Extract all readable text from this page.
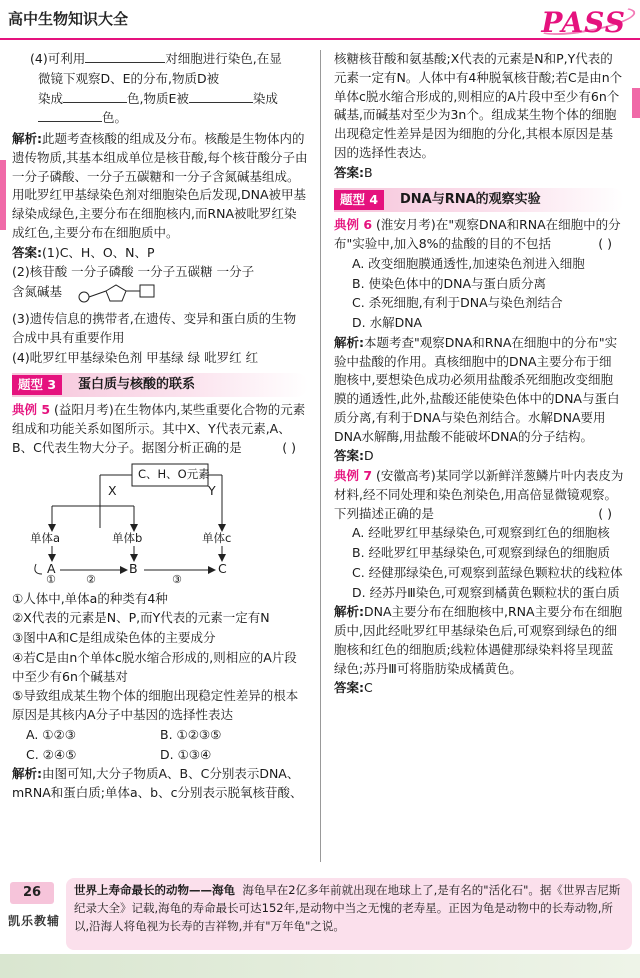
高中生物知识大全	PASS
(4)可利用	对细胞进行染色,在显
微镜下观察D、E的分布,物质D被
染成	色,物质E被	染成
色。
解析:此题考查核酸的组成及分布。核酸是生物体内的遗传物质,其基本组成单位是核苷酸,每个核苷酸分子由一分子磷酸、一分子五碳糖和一分子含氮碱基组成。用吡罗红甲基绿染色剂对细胞染色后发现,DNA被甲基绿染成绿色,主要分布在细胞核内,而RNA被吡罗红染成红色,主要分布在细胞质中。
答案:(1)C、H、O、N、P
(2)核苷酸 一分子磷酸 一分子五碳糖 一分子
含氮碱基
(3)遗传信息的携带者,在遗传、变异和蛋白质的生物合成中具有重要作用
(4)吡罗红甲基绿染色剂 甲基绿 绿 吡罗红 红
题型 3	蛋白质与核酸的联系
典例 5 (益阳月考)在生物体内,某些重要化合物的元素组成和功能关系如图所示。其中X、Y代表元素,A、B、C代表生物大分子。据图分析正确的是	( )
C、H、O元素
X	Y
单体a	单体b	单体c
A	B	C
①	②	③
①人体中,单体a的种类有4种
②X代表的元素是N、P,而Y代表的元素一定有N
③图中A和C是组成染色体的主要成分
④若C是由n个单体c脱水缩合形成的,则相应的A片段中至少有6n个碱基对
⑤导致组成某生物个体的细胞出现稳定性差异的根本原因是其核内A分子中基因的选择性表达
A. ①②③	B. ①②③⑤
C. ②④⑤	D. ①③④
解析:由图可知,大分子物质A、B、C分别表示DNA、mRNA和蛋白质;单体a、b、c分别表示脱氧核苷酸、
核糖核苷酸和氨基酸;X代表的元素是N和P,Y代表的元素一定有N。人体中有4种脱氧核苷酸;若C是由n个单体c脱水缩合形成的,则相应的A片段中至少有6n个碱基,而碱基对至少为3n个。组成某生物个体的细胞出现稳定性差异是因为细胞的分化,其根本原因是基因的选择性表达。
答案:B
题型 4	DNA与RNA的观察实验
典例 6 (淮安月考)在"观察DNA和RNA在细胞中的分布"实验中,加入8%的盐酸的目的不包括	( )
A. 改变细胞膜通透性,加速染色剂进入细胞
B. 使染色体中的DNA与蛋白质分离
C. 杀死细胞,有利于DNA与染色剂结合
D. 水解DNA
解析:本题考查"观察DNA和RNA在细胞中的分布"实验中盐酸的作用。真核细胞中的DNA主要分布于细胞核中,要想染色成功必须用盐酸杀死细胞改变细胞膜的通透性,此外,盐酸还能使染色体中的DNA与蛋白质分离,有利于DNA与染色剂结合。水解DNA要用DNA水解酶,用盐酸不能破坏DNA的分子结构。
答案:D
典例 7 (安徽高考)某同学以新鲜洋葱鳞片叶内表皮为材料,经不同处理和染色剂染色,用高倍显微镜观察。下列描述正确的是	( )
A. 经吡罗红甲基绿染色,可观察到红色的细胞核
B. 经吡罗红甲基绿染色,可观察到绿色的细胞质
C. 经健那绿染色,可观察到蓝绿色颗粒状的线粒体
D. 经苏丹Ⅲ染色,可观察到橘黄色颗粒状的蛋白质
解析:DNA主要分布在细胞核中,RNA主要分布在细胞质中,因此经吡罗红甲基绿染色后,可观察到绿色的细胞核和红色的细胞质;线粒体遇健那绿染料将呈现蓝绿色;苏丹Ⅲ可将脂肪染成橘黄色。
答案:C
26
凯乐教辅
世界上寿命最长的动物——海龟 海龟早在2亿多年前就出现在地球上了,是有名的"活化石"。据《世界吉尼斯纪录大全》记载,海龟的寿命最长可达152年,是动物中当之无愧的老寿星。正因为龟是动物中的长寿动物,所以,沿海人将龟视为长寿的吉祥物,并有"万年龟"之说。
